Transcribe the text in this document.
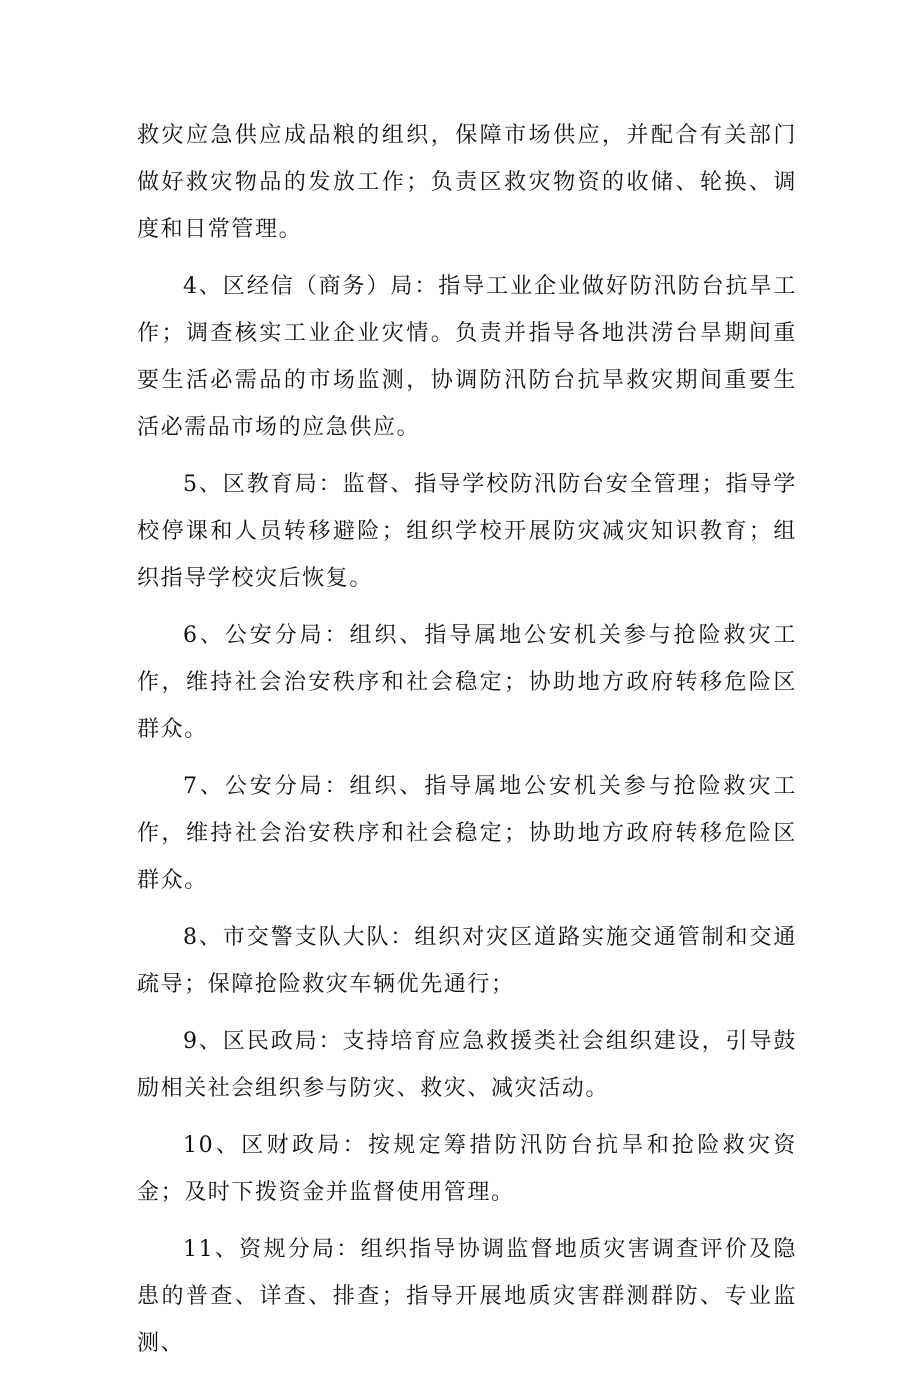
救灾应急供应成品粮的组织，保障市场供应，并配合有关部门做好救灾物品的发放工作；负责区救灾物资的收储、轮换、调度和日常管理。

4、区经信（商务）局：指导工业企业做好防汛防台抗旱工作；调查核实工业企业灾情。负责并指导各地洪涝台旱期间重要生活必需品的市场监测，协调防汛防台抗旱救灾期间重要生活必需品市场的应急供应。

5、区教育局：监督、指导学校防汛防台安全管理；指导学校停课和人员转移避险；组织学校开展防灾减灾知识教育；组织指导学校灾后恢复。

6、公安分局：组织、指导属地公安机关参与抢险救灾工作，维持社会治安秩序和社会稳定；协助地方政府转移危险区群众。

7、公安分局：组织、指导属地公安机关参与抢险救灾工作，维持社会治安秩序和社会稳定；协助地方政府转移危险区群众。

8、市交警支队大队：组织对灾区道路实施交通管制和交通疏导；保障抢险救灾车辆优先通行；

9、区民政局：支持培育应急救援类社会组织建设，引导鼓励相关社会组织参与防灾、救灾、减灾活动。

10、区财政局：按规定筹措防汛防台抗旱和抢险救灾资金；及时下拨资金并监督使用管理。

11、资规分局：组织指导协调监督地质灾害调查评价及隐患的普查、详查、排查；指导开展地质灾害群测群防、专业监测、
